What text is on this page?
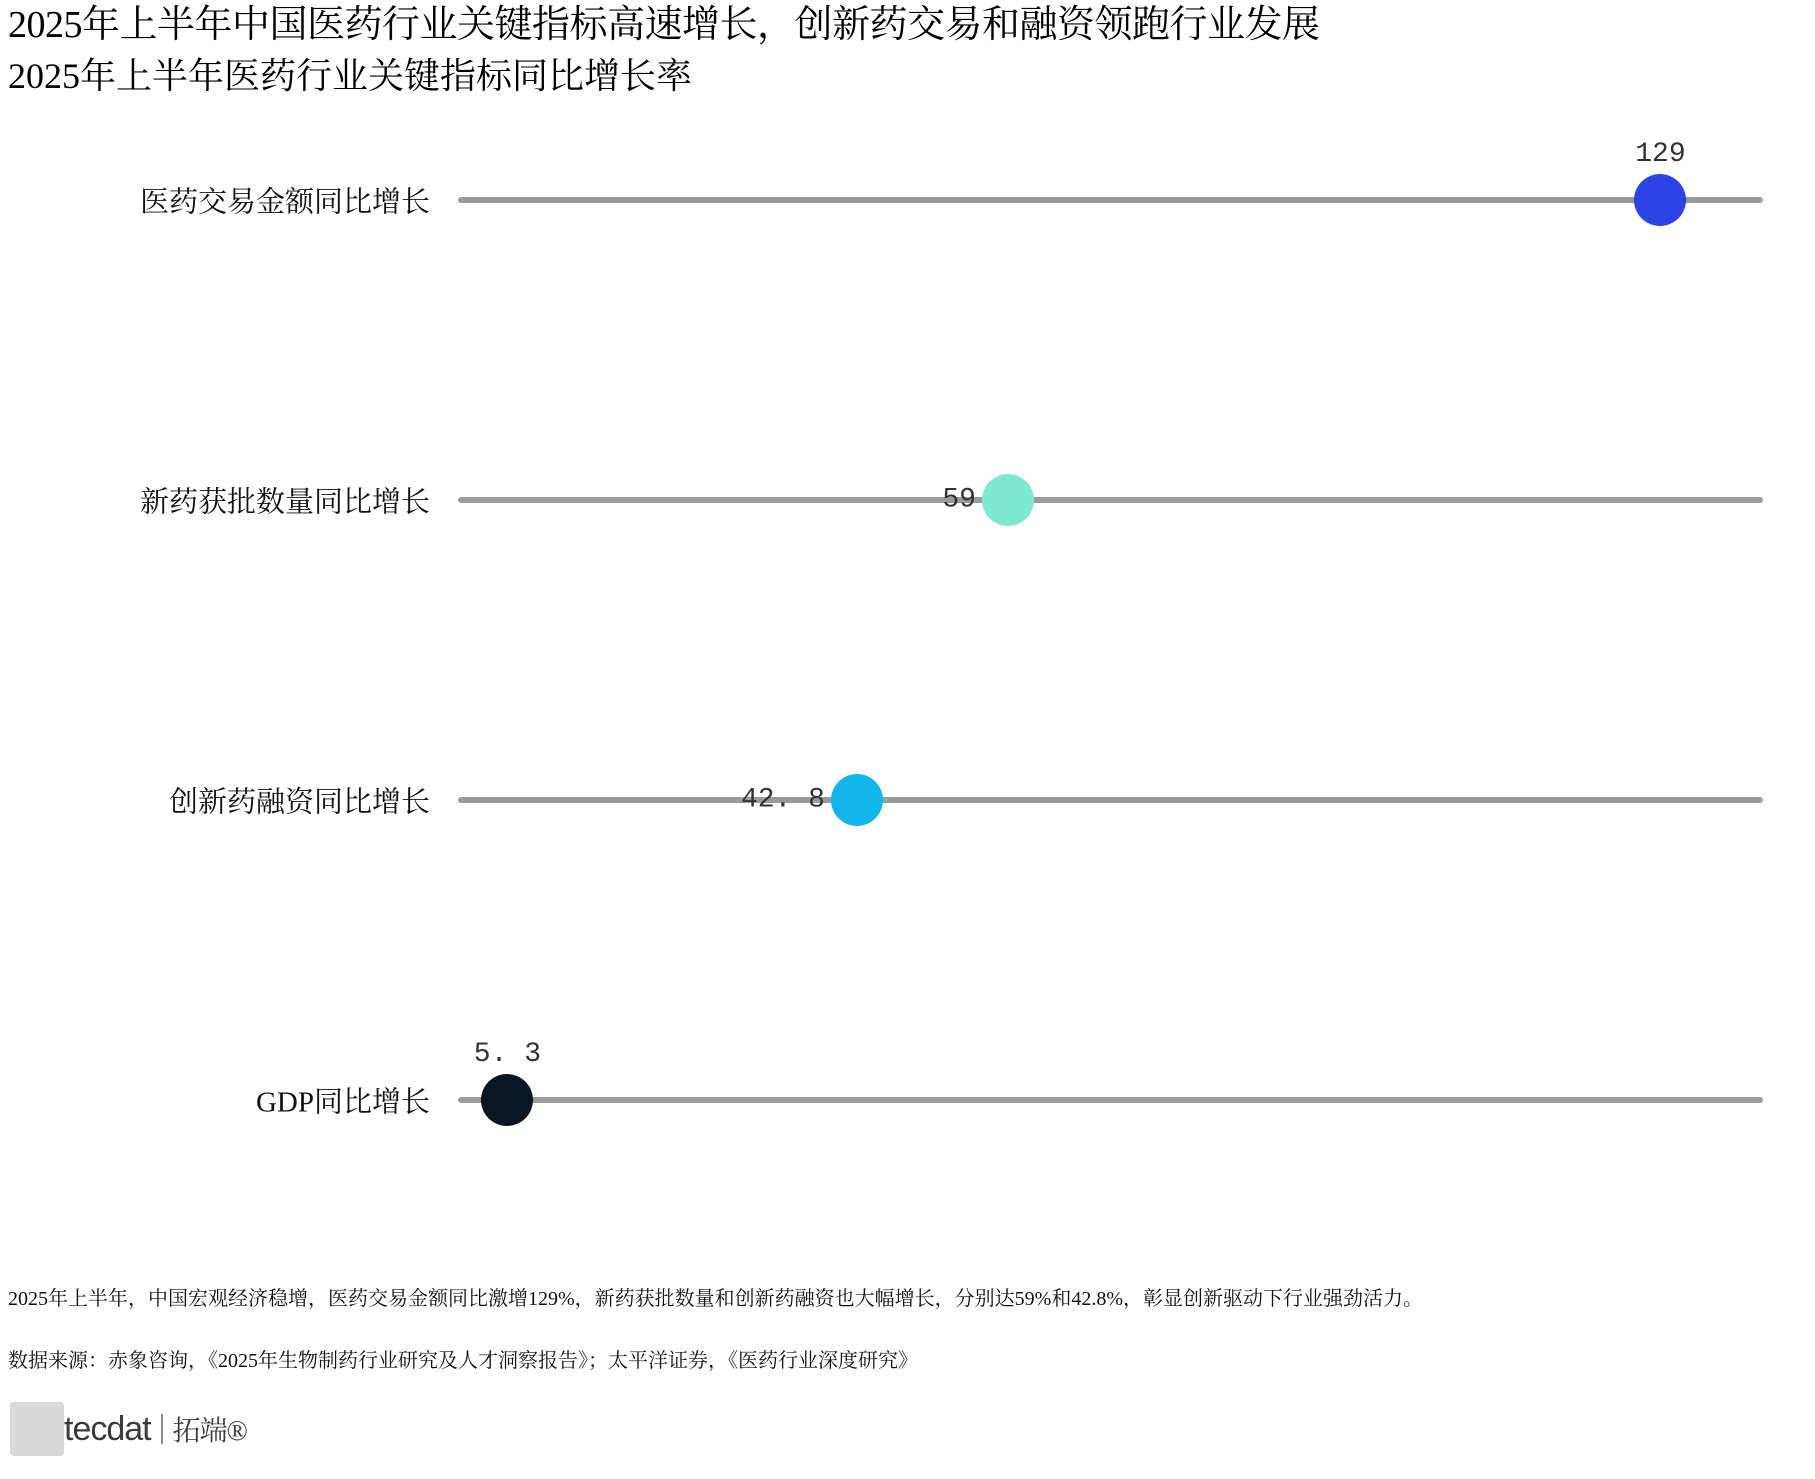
2025年上半年中国医药行业关键指标高速增长，创新药交易和融资领跑行业发展
2025年上半年医药行业关键指标同比增长率
医药交易金额同比增长
129
新药获批数量同比增长	59
创新药融资同比增长	42. 8
GDP同比增长
5. 3
2025年上半年，中国宏观经济稳增，医药交易金额同比激增129%，新药获批数量和创新药融资也大幅增长，分别达59%和42.8%，彰显创新驱动下行业强劲活力。
数据来源：赤象咨询，《2025年生物制药行业研究及人才洞察报告》；太平洋证券，《医药行业深度研究》
tecdat 拓端®
